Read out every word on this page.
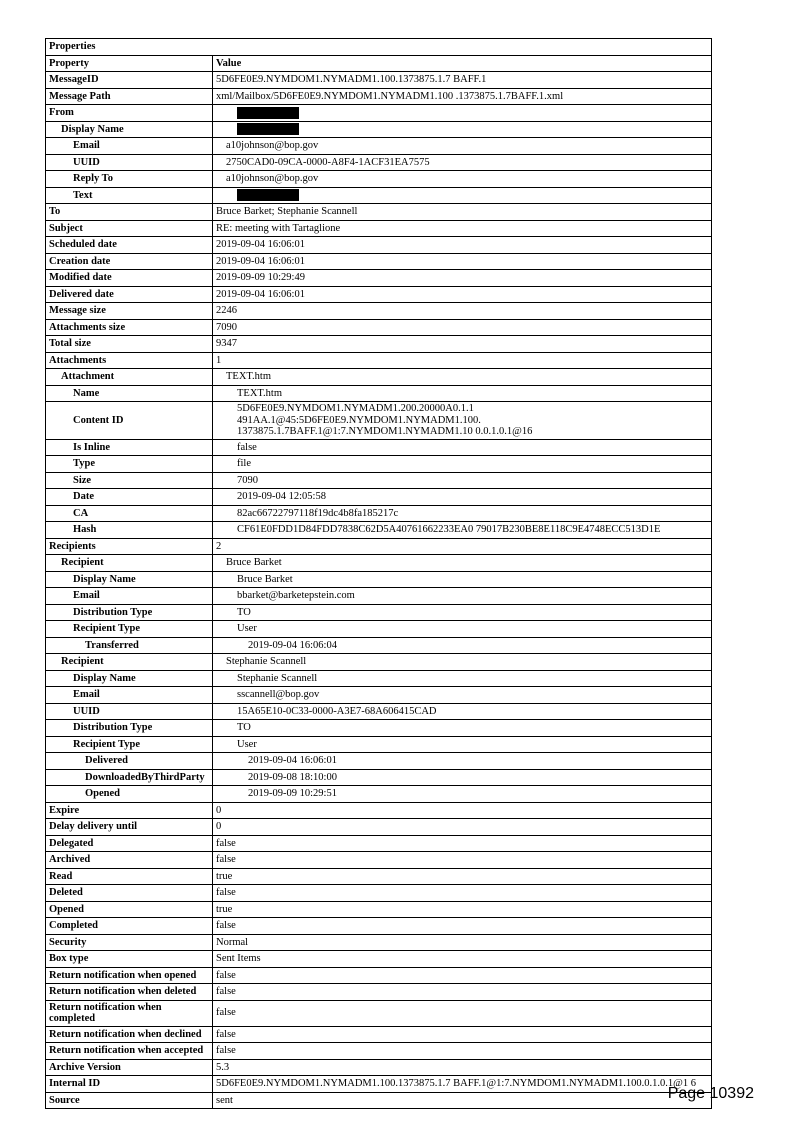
Properties	
Property	Value
MessageID	5D6FE0E9.NYMDOM1.NYMADM1.100.1373875.1.7 BAFF.1
Message Path	xml/Mailbox/5D6FE0E9.NYMDOM1.NYMADM1.100 .1373875.1.7BAFF.1.xml
From	
Display Name	
Email	a10johnson@bop.gov
UUID	2750CAD0-09CA-0000-A8F4-1ACF31EA7575
Reply To	a10johnson@bop.gov
Text	
To	Bruce Barket; Stephanie Scannell
Subject	RE: meeting with Tartaglione
Scheduled date	2019-09-04 16:06:01
Creation date	2019-09-04 16:06:01
Modified date	2019-09-09 10:29:49
Delivered date	2019-09-04 16:06:01
Message size	2246
Attachments size	7090
Total size	9347
Attachments	1
Attachment	TEXT.htm
Name	TEXT.htm
Content ID	5D6FE0E9.NYMDOM1.NYMADM1.200.20000A0.1.1 491AA.1@45:5D6FE0E9.NYMDOM1.NYMADM1.100. 1373875.1.7BAFF.1@1:7.NYMDOM1.NYMADM1.10 0.0.1.0.1@16
Is Inline	false
Type	file
Size	7090
Date	2019-09-04 12:05:58
CA	82ac66722797118f19dc4b8fa185217c
Hash	CF61E0FDD1D84FDD7838C62D5A40761662233EA0 79017B230BE8E118C9E4748ECC513D1E
Recipients	2
Recipient	Bruce Barket
Display Name	Bruce Barket
Email	bbarket@barketepstein.com
Distribution Type	TO
Recipient Type	User
Transferred	2019-09-04 16:06:04
Recipient	Stephanie Scannell
Display Name	Stephanie Scannell
Email	sscannell@bop.gov
UUID	15A65E10-0C33-0000-A3E7-68A606415CAD
Distribution Type	TO
Recipient Type	User
Delivered	2019-09-04 16:06:01
DownloadedByThirdParty	2019-09-08 18:10:00
Opened	2019-09-09 10:29:51
Expire	0
Delay delivery until	0
Delegated	false
Archived	false
Read	true
Deleted	false
Opened	true
Completed	false
Security	Normal
Box type	Sent Items
Return notification when opened	false
Return notification when deleted	false
Return notification when completed	false
Return notification when declined	false
Return notification when accepted	false
Archive Version	5.3
Internal ID	5D6FE0E9.NYMDOM1.NYMADM1.100.1373875.1.7 BAFF.1@1:7.NYMDOM1.NYMADM1.100.0.1.0.1@1 6
Source	sent	Page 10392
